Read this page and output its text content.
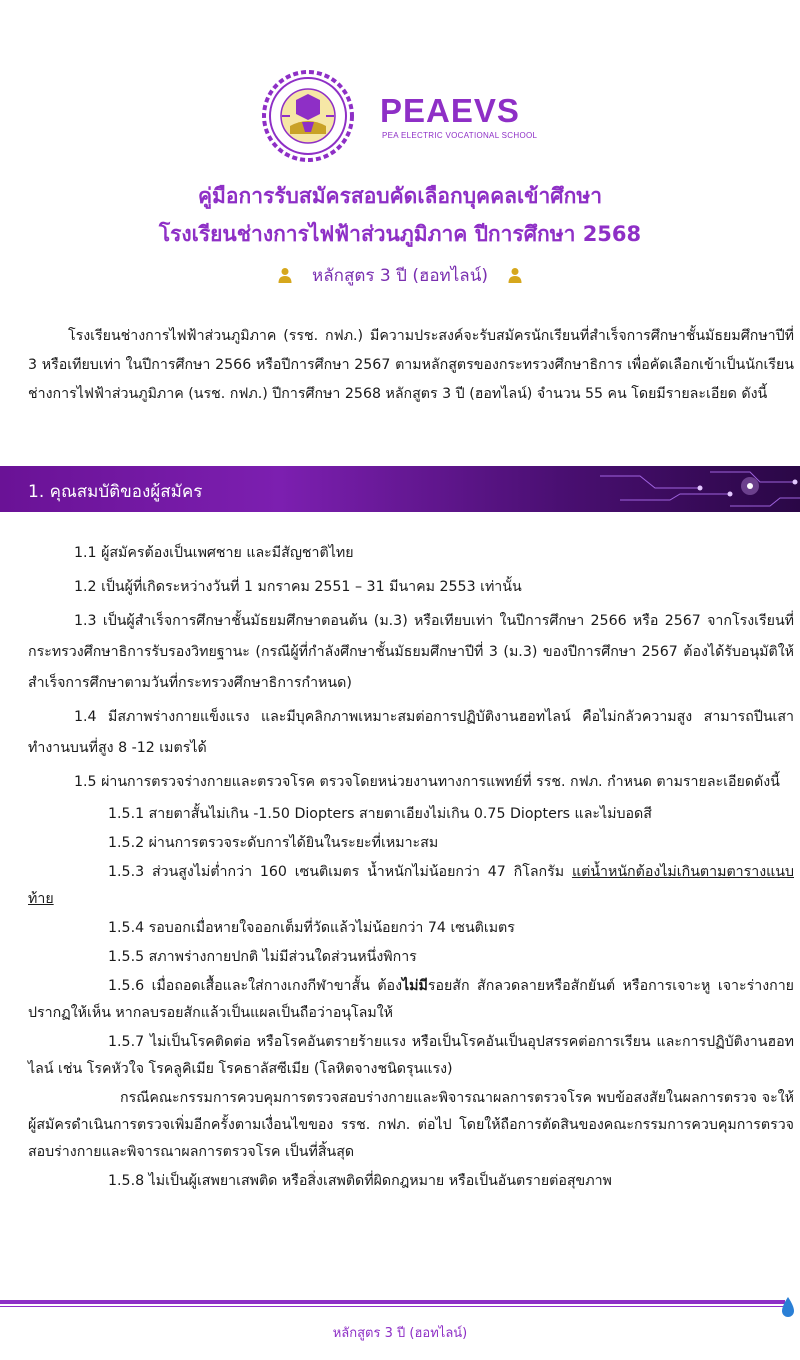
PEAEVS
PEA ELECTRIC VOCATIONAL SCHOOL
คู่มือการรับสมัครสอบคัดเลือกบุคคลเข้าศึกษา
โรงเรียนช่างการไฟฟ้าส่วนภูมิภาค ปีการศึกษา 2568
หลักสูตร 3 ปี (ฮอทไลน์)

โรงเรียนช่างการไฟฟ้าส่วนภูมิภาค (รรช. กฟภ.) มีความประสงค์จะรับสมัครนักเรียนที่สำเร็จการศึกษาชั้นมัธยมศึกษาปีที่ 3 หรือเทียบเท่า ในปีการศึกษา 2566 หรือปีการศึกษา 2567 ตามหลักสูตรของกระทรวงศึกษาธิการ เพื่อคัดเลือกเข้าเป็นนักเรียนช่างการไฟฟ้าส่วนภูมิภาค (นรช. กฟภ.) ปีการศึกษา 2568 หลักสูตร 3 ปี (ฮอทไลน์) จำนวน 55 คน โดยมีรายละเอียด ดังนี้

1. คุณสมบัติของผู้สมัคร

1.1 ผู้สมัครต้องเป็นเพศชาย และมีสัญชาติไทย

1.2 เป็นผู้ที่เกิดระหว่างวันที่ 1 มกราคม 2551 – 31 มีนาคม 2553 เท่านั้น

1.3 เป็นผู้สำเร็จการศึกษาชั้นมัธยมศึกษาตอนต้น (ม.3) หรือเทียบเท่า ในปีการศึกษา 2566 หรือ 2567 จากโรงเรียนที่กระทรวงศึกษาธิการรับรองวิทยฐานะ (กรณีผู้ที่กำลังศึกษาชั้นมัธยมศึกษาปีที่ 3 (ม.3) ของปีการศึกษา 2567 ต้องได้รับอนุมัติให้สำเร็จการศึกษาตามวันที่กระทรวงศึกษาธิการกำหนด)

1.4 มีสภาพร่างกายแข็งแรง และมีบุคลิกภาพเหมาะสมต่อการปฏิบัติงานฮอทไลน์ คือไม่กลัวความสูง สามารถปีนเสาทำงานบนที่สูง 8 -12 เมตรได้

1.5 ผ่านการตรวจร่างกายและตรวจโรค ตรวจโดยหน่วยงานทางการแพทย์ที่ รรช. กฟภ. กำหนด ตามรายละเอียดดังนี้

1.5.1 สายตาสั้นไม่เกิน -1.50 Diopters สายตาเอียงไม่เกิน 0.75 Diopters และไม่บอดสี

1.5.2 ผ่านการตรวจระดับการได้ยินในระยะที่เหมาะสม

1.5.3 ส่วนสูงไม่ต่ำกว่า 160 เซนติเมตร น้ำหนักไม่น้อยกว่า 47 กิโลกรัม แต่น้ำหนักต้องไม่เกินตามตารางแนบท้าย

1.5.4 รอบอกเมื่อหายใจออกเต็มที่วัดแล้วไม่น้อยกว่า 74 เซนติเมตร

1.5.5 สภาพร่างกายปกติ ไม่มีส่วนใดส่วนหนึ่งพิการ

1.5.6 เมื่อถอดเสื้อและใส่กางเกงกีฬาขาสั้น ต้องไม่มีรอยสัก สักลวดลายหรือสักยันต์ หรือการเจาะหู เจาะร่างกายปรากฏให้เห็น หากลบรอยสักแล้วเป็นแผลเป็นถือว่าอนุโลมให้

1.5.7 ไม่เป็นโรคติดต่อ หรือโรคอันตรายร้ายแรง หรือเป็นโรคอันเป็นอุปสรรคต่อการเรียน และการปฏิบัติงานฮอทไลน์ เช่น โรคหัวใจ โรคลูคิเมีย โรคธาลัสซีเมีย (โลหิตจางชนิดรุนแรง)

กรณีคณะกรรมการควบคุมการตรวจสอบร่างกายและพิจารณาผลการตรวจโรค พบข้อสงสัยในผลการตรวจ จะให้ผู้สมัครดำเนินการตรวจเพิ่มอีกครั้งตามเงื่อนไขของ รรช. กฟภ. ต่อไป โดยให้ถือการตัดสินของคณะกรรมการควบคุมการตรวจสอบร่างกายและพิจารณาผลการตรวจโรค เป็นที่สิ้นสุด

1.5.8 ไม่เป็นผู้เสพยาเสพติด หรือสิ่งเสพติดที่ผิดกฎหมาย หรือเป็นอันตรายต่อสุขภาพ

หลักสูตร 3 ปี (ฮอทไลน์)
